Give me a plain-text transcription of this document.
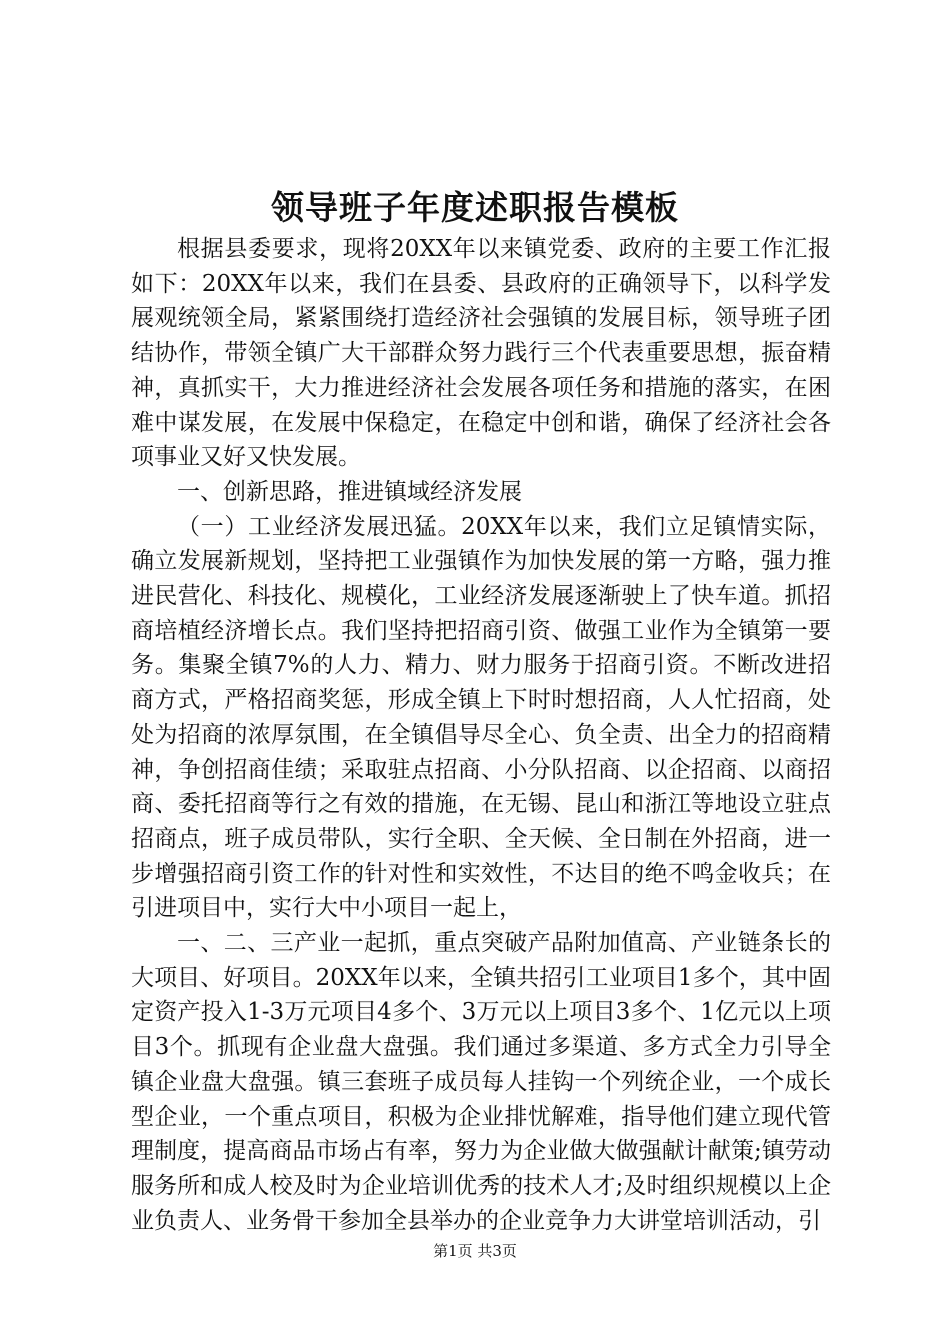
领导班子年度述职报告模板

根据县委要求，现将20XX年以来镇党委、政府的主要工作汇报如下：20XX年以来，我们在县委、县政府的正确领导下，以科学发展观统领全局，紧紧围绕打造经济社会强镇的发展目标，领导班子团结协作，带领全镇广大干部群众努力践行三个代表重要思想，振奋精神，真抓实干，大力推进经济社会发展各项任务和措施的落实，在困难中谋发展，在发展中保稳定，在稳定中创和谐，确保了经济社会各项事业又好又快发展。

一、创新思路，推进镇域经济发展

（一）工业经济发展迅猛。20XX年以来，我们立足镇情实际，确立发展新规划，坚持把工业强镇作为加快发展的第一方略，强力推进民营化、科技化、规模化，工业经济发展逐渐驶上了快车道。抓招商培植经济增长点。我们坚持把招商引资、做强工业作为全镇第一要务。集聚全镇7%的人力、精力、财力服务于招商引资。不断改进招商方式，严格招商奖惩，形成全镇上下时时想招商，人人忙招商，处处为招商的浓厚氛围，在全镇倡导尽全心、负全责、出全力的招商精神，争创招商佳绩；采取驻点招商、小分队招商、以企招商、以商招商、委托招商等行之有效的措施，在无锡、昆山和浙江等地设立驻点招商点，班子成员带队，实行全职、全天候、全日制在外招商，进一步增强招商引资工作的针对性和实效性，不达目的绝不鸣金收兵；在引进项目中，实行大中小项目一起上，

一、二、三产业一起抓，重点突破产品附加值高、产业链条长的大项目、好项目。20XX年以来，全镇共招引工业项目1多个，其中固定资产投入1-3万元项目4多个、3万元以上项目3多个、1亿元以上项目3个。抓现有企业盘大盘强。我们通过多渠道、多方式全力引导全镇企业盘大盘强。镇三套班子成员每人挂钩一个列统企业，一个成长型企业，一个重点项目，积极为企业排忧解难，指导他们建立现代管理制度，提高商品市场占有率，努力为企业做大做强献计献策;镇劳动服务所和成人校及时为企业培训优秀的技术人才;及时组织规模以上企业负责人、业务骨干参加全县举办的企业竞争力大讲堂培训活动，引

第1页 共3页
